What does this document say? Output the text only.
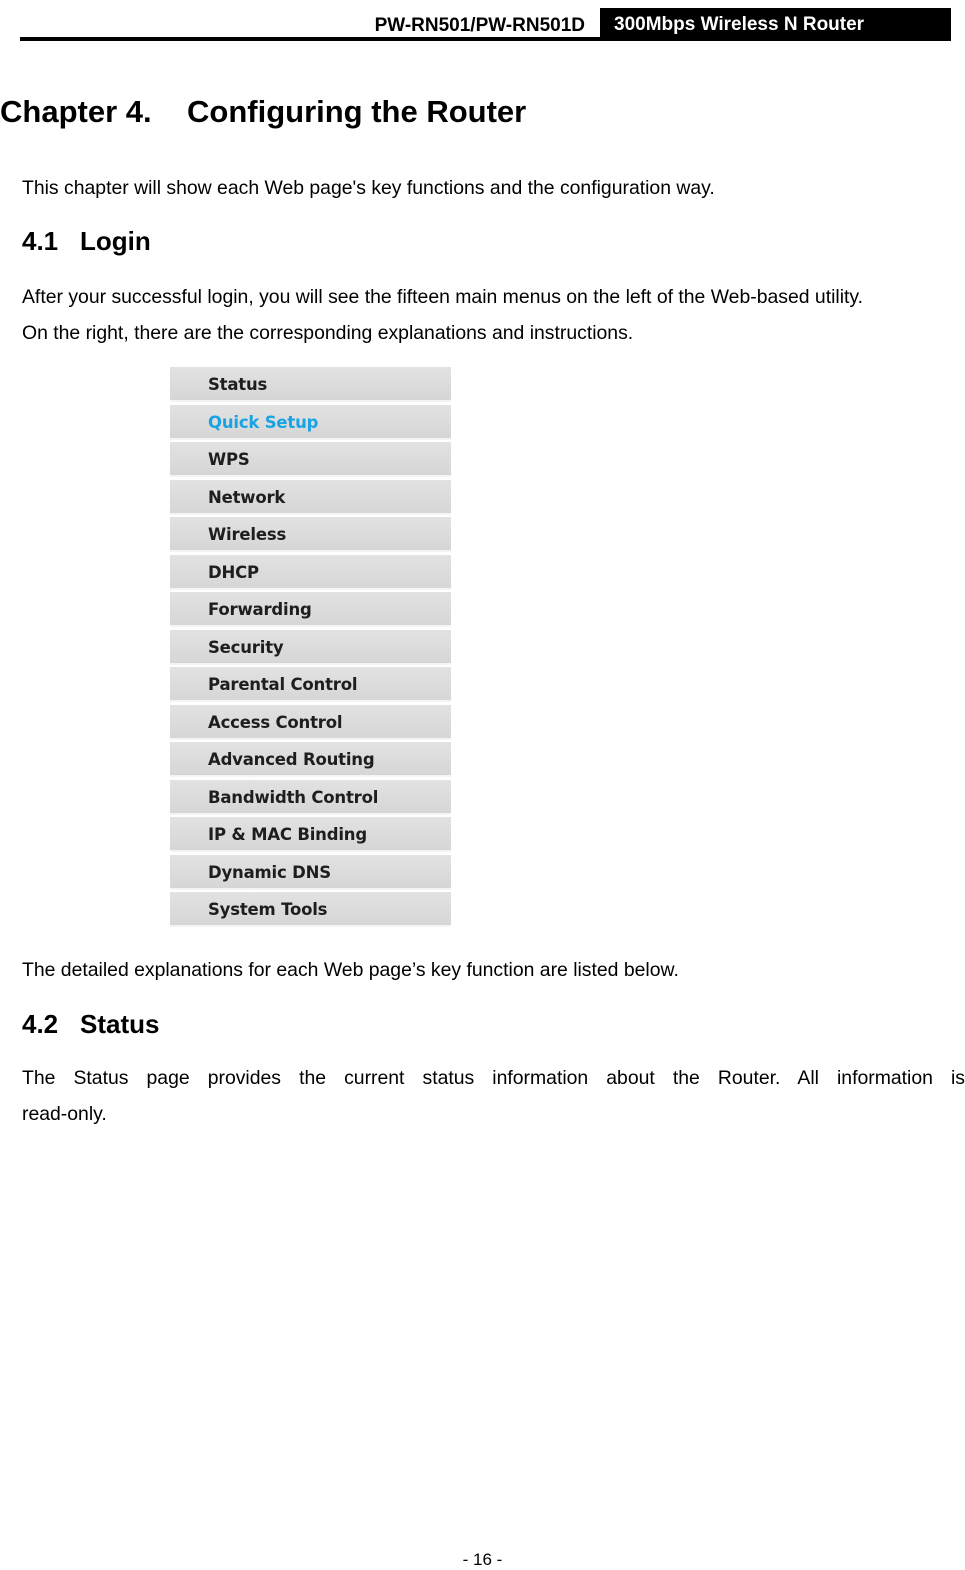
PW-RN501/PW-RN501D	300Mbps Wireless N Router
Chapter 4. Configuring the Router

This chapter will show each Web page's key functions and the configuration way.

4.1 Login

After your successful login, you will see the fifteen main menus on the left of the Web-based utility.
On the right, there are the corresponding explanations and instructions.

Status
Quick Setup
WPS
Network
Wireless
DHCP
Forwarding
Security
Parental Control
Access Control
Advanced Routing
Bandwidth Control
IP & MAC Binding
Dynamic DNS
System Tools

The detailed explanations for each Web page’s key function are listed below.

4.2 Status

The Status page provides the current status information about the Router. All information is
read-only.

- 16 -
